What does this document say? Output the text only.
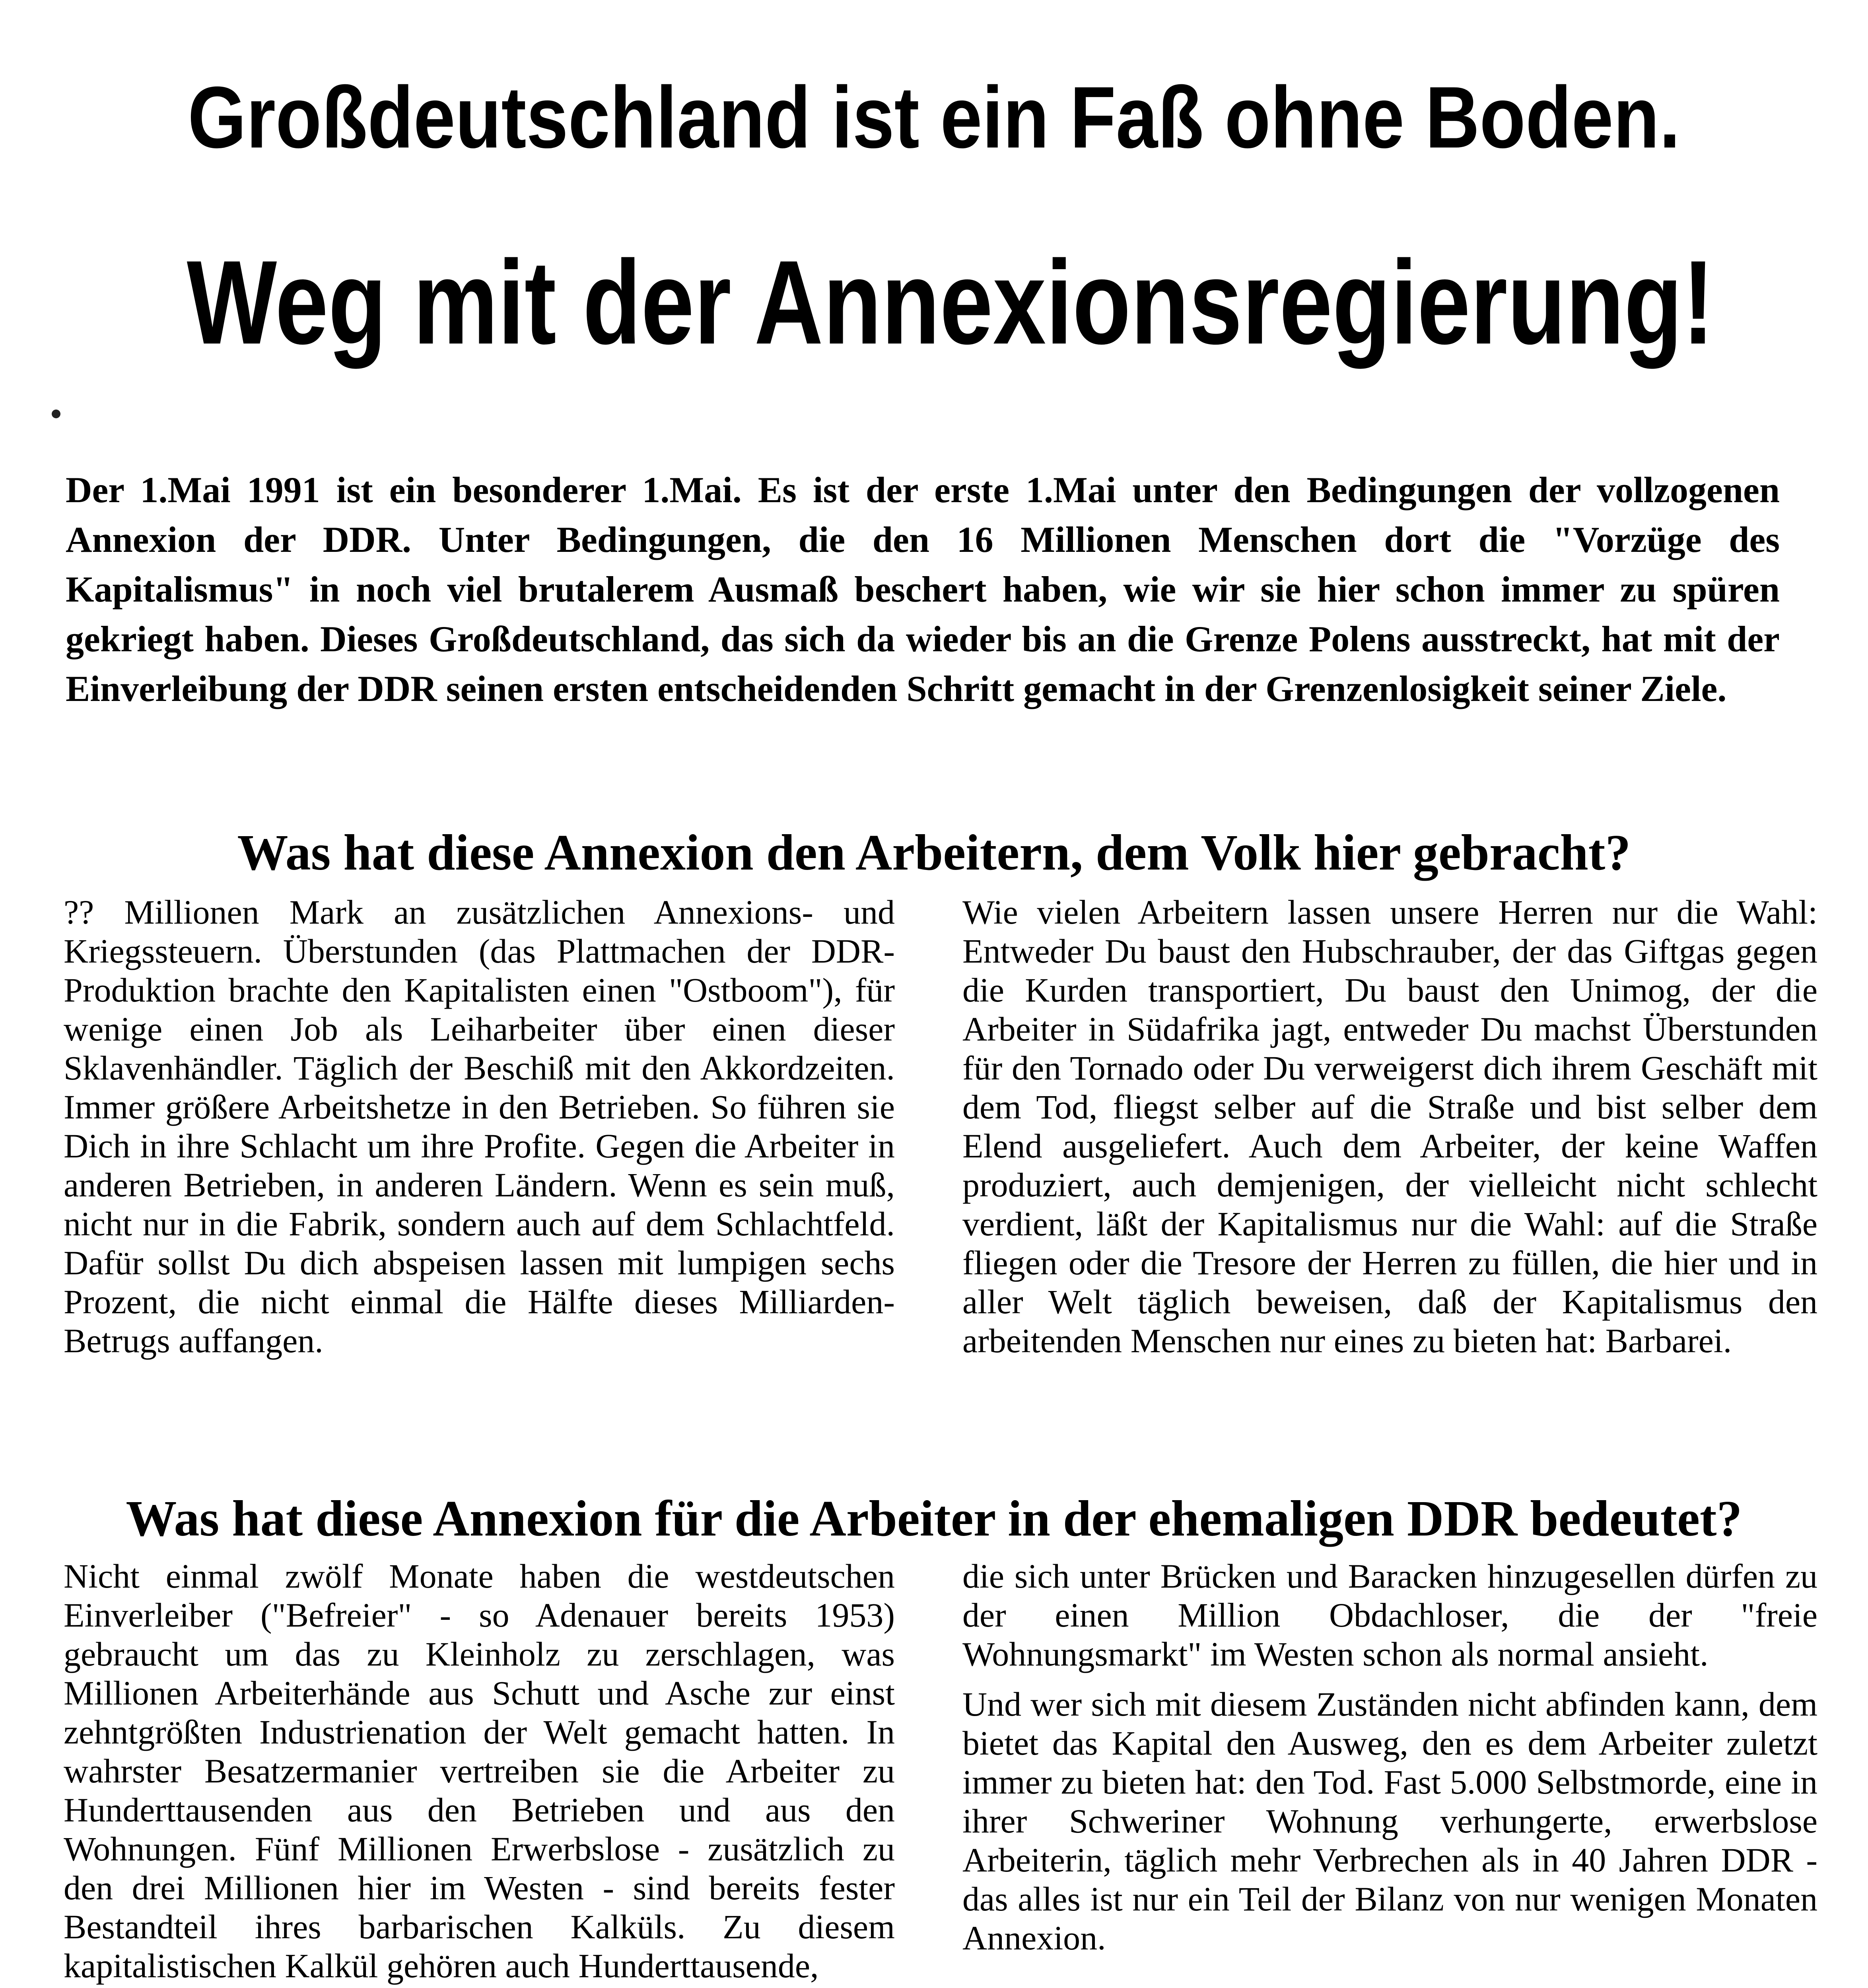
Großdeutschland ist ein Faß ohne Boden.
Weg mit der Annexionsregierung!

Der 1.Mai 1991 ist ein besonderer 1.Mai. Es ist der erste 1.Mai unter den Bedingungen der vollzogenen Annexion der DDR. Unter Bedingungen, die den 16 Millionen Menschen dort die "Vorzüge des Kapitalismus" in noch viel brutalerem Ausmaß beschert haben, wie wir sie hier schon immer zu spüren gekriegt haben. Dieses Großdeutschland, das sich da wieder bis an die Grenze Polens ausstreckt, hat mit der Einverleibung der DDR seinen ersten entscheidenden Schritt gemacht in der Grenzenlosigkeit seiner Ziele.

Was hat diese Annexion den Arbeitern, dem Volk hier gebracht?

?? Millionen Mark an zusätzlichen Annexions- und Kriegssteuern. Überstunden (das Plattmachen der DDR-Produktion brachte den Kapitalisten einen "Ostboom"), für wenige einen Job als Leiharbeiter über einen dieser Sklavenhändler. Täglich der Beschiß mit den Akkordzeiten. Immer größere Arbeitshetze in den Betrieben. So führen sie Dich in ihre Schlacht um ihre Profite. Gegen die Arbeiter in anderen Betrieben, in anderen Ländern. Wenn es sein muß, nicht nur in die Fabrik, sondern auch auf dem Schlachtfeld. Dafür sollst Du dich abspeisen lassen mit lumpigen sechs Prozent, die nicht einmal die Hälfte dieses Milliarden-Betrugs auffangen.

Wie vielen Arbeitern lassen unsere Herren nur die Wahl: Entweder Du baust den Hubschrauber, der das Giftgas gegen die Kurden transportiert, Du baust den Unimog, der die Arbeiter in Südafrika jagt, entweder Du machst Überstunden für den Tornado oder Du verweigerst dich ihrem Geschäft mit dem Tod, fliegst selber auf die Straße und bist selber dem Elend ausgeliefert. Auch dem Arbeiter, der keine Waffen produziert, auch demjenigen, der vielleicht nicht schlecht verdient, läßt der Kapitalismus nur die Wahl: auf die Straße fliegen oder die Tresore der Herren zu füllen, die hier und in aller Welt täglich beweisen, daß der Kapitalismus den arbeitenden Menschen nur eines zu bieten hat: Barbarei.

Was hat diese Annexion für die Arbeiter in der ehemaligen DDR bedeutet?

Nicht einmal zwölf Monate haben die westdeutschen Einverleiber ("Befreier" - so Adenauer bereits 1953) gebraucht um das zu Kleinholz zu zerschlagen, was Millionen Arbeiterhände aus Schutt und Asche zur einst zehntgrößten Industrienation der Welt gemacht hatten. In wahrster Besatzermanier vertreiben sie die Arbeiter zu Hunderttausenden aus den Betrieben und aus den Wohnungen. Fünf Millionen Erwerbslose - zusätzlich zu den drei Millionen hier im Westen - sind bereits fester Bestandteil ihres barbarischen Kalküls. Zu diesem kapitalistischen Kalkül gehören auch Hunderttausende,

die sich unter Brücken und Baracken hinzugesellen dürfen zu der einen Million Obdachloser, die der "freie Wohnungsmarkt" im Westen schon als normal ansieht.

Und wer sich mit diesem Zuständen nicht abfinden kann, dem bietet das Kapital den Ausweg, den es dem Arbeiter zuletzt immer zu bieten hat: den Tod. Fast 5.000 Selbstmorde, eine in ihrer Schweriner Wohnung verhungerte, erwerbslose Arbeiterin, täglich mehr Verbrechen als in 40 Jahren DDR - das alles ist nur ein Teil der Bilanz von nur wenigen Monaten Annexion.
